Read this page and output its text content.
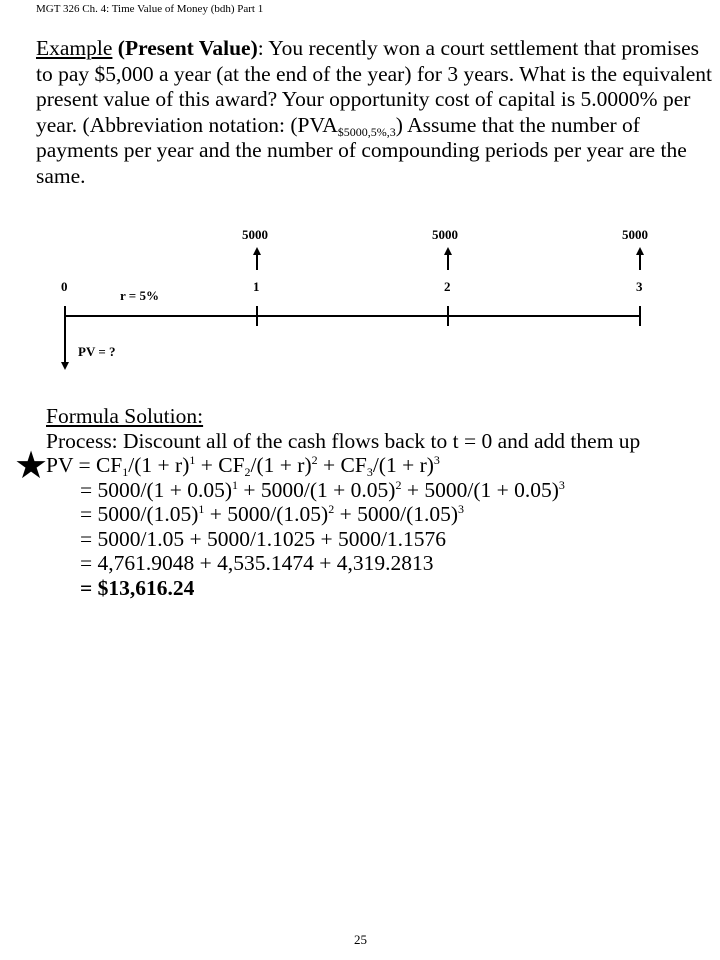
MGT 326 Ch. 4: Time Value of Money (bdh) Part 1
Example (Present Value): You recently won a court settlement that promises to pay $5,000 a year (at the end of the year) for 3 years. What is the equivalent present value of this award? Your opportunity cost of capital is 5.0000% per year. (Abbreviation notation: $(PVA_{\$5000,5\%,3})$ Assume that the number of payments per year and the number of compounding periods per year are the same.
5000	5000	5000
0	1	2	3
r = 5%
PV = ?
★
Formula Solution:
Process: Discount all of the cash flows back to t = 0 and add them up
PV = $CF_1/(1 + r)^1 + CF_2/(1 + r)^2 + CF_3/(1 + r)^3$
= $5000/(1 + 0.05)^1 + 5000/(1 + 0.05)^2 + 5000/(1 + 0.05)^3$
= $5000/(1.05)^1 + 5000/(1.05)^2 + 5000/(1.05)^3$
= 5000/1.05 + 5000/1.1025 + 5000/1.1576
= 4,761.9048 + 4,535.1474 + 4,319.2813
= $13,616.24
25
